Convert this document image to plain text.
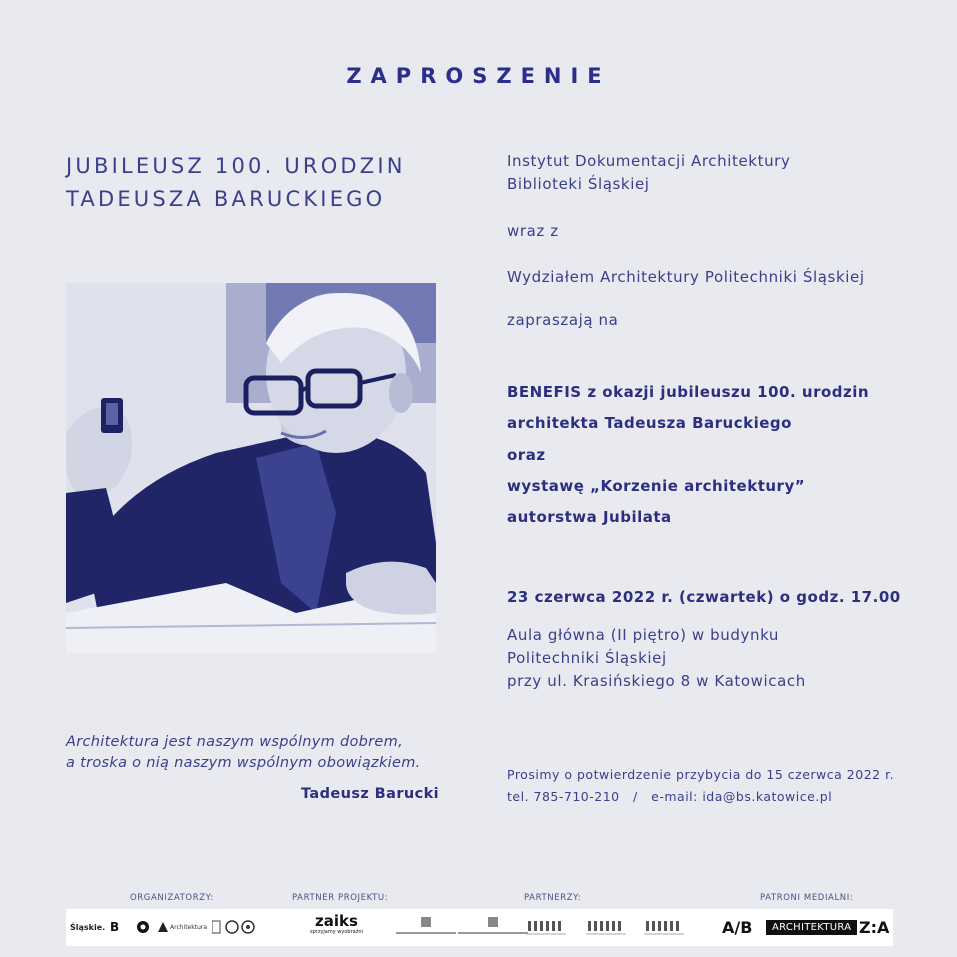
ZAPROSZENIE
JUBILEUSZ 100. URODZIN
TADEUSZA BARUCKIEGO
Architektura jest naszym wspólnym dobrem,
a troska o nią naszym wspólnym obowiązkiem.
Tadeusz Barucki
Instytut Dokumentacji Architektury
Biblioteki Śląskiej
wraz z
Wydziałem Architektury Politechniki Śląskiej
zapraszają na
BENEFIS z okazji jubileuszu 100. urodzin
architekta Tadeusza Baruckiego
oraz
wystawę „Korzenie architektury”
autorstwa Jubilata
23 czerwca 2022 r. (czwartek) o godz. 17.00
Aula główna (II piętro) w budynku
Politechniki Śląskiej
przy ul. Krasińskiego 8 w Katowicach
Prosimy o potwierdzenie przybycia do 15 czerwca 2022 r.
tel. 785-710-210   /   e-mail: ida@bs.katowice.pl
ORGANIZATORZY:	PARTNER PROJEKTU:	PARTNERZY:	PATRONI MEDIALNI:
Śląskie. B	Architektura	zaiks
sprzyjamy wyobraźni	A/B	ARCHITEKTURA Z:A
